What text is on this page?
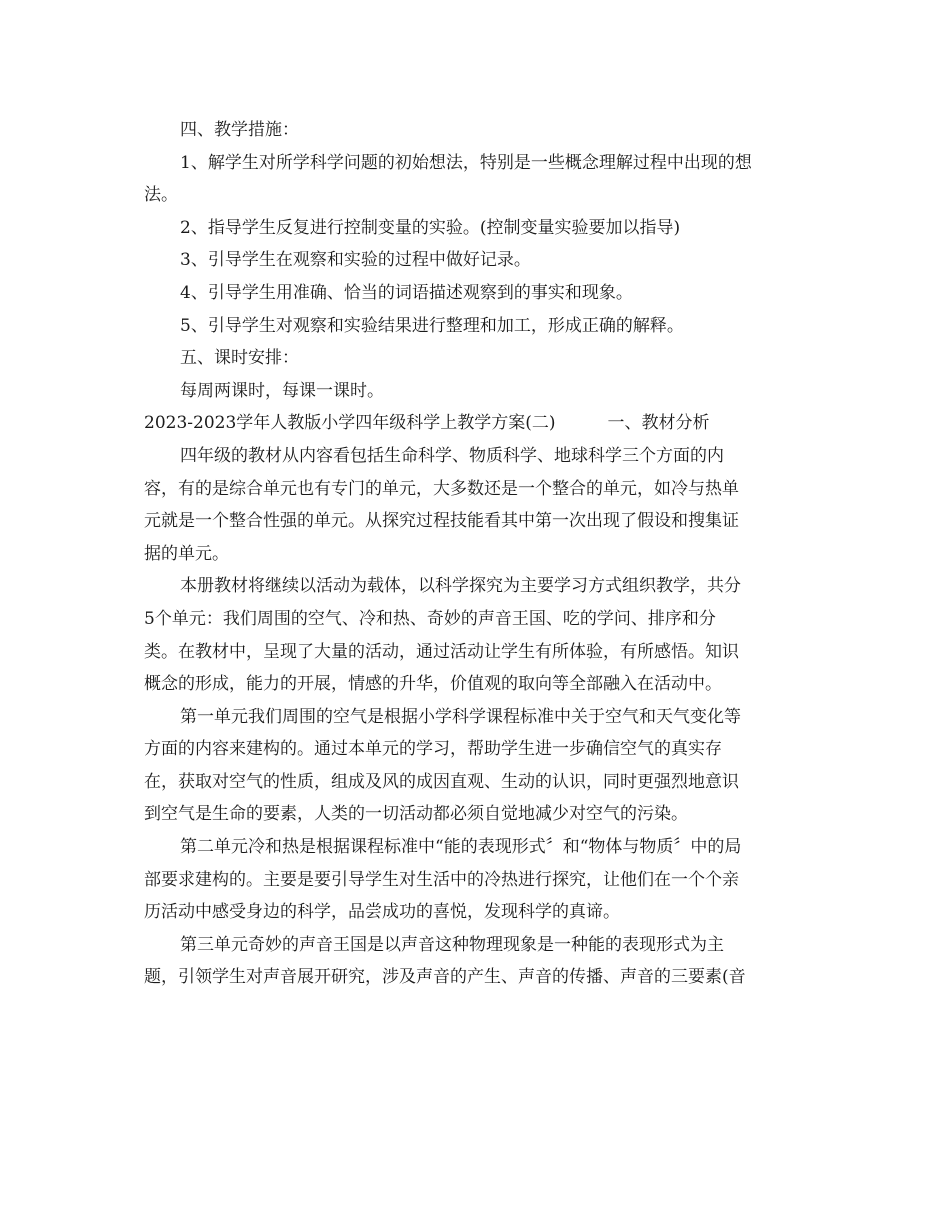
四、教学措施：

1、解学生对所学科学问题的初始想法，特别是一些概念理解过程中出现的想

法。

2、指导学生反复进行控制变量的实验。(控制变量实验要加以指导)

3、引导学生在观察和实验的过程中做好记录。

4、引导学生用准确、恰当的词语描述观察到的事实和现象。

5、引导学生对观察和实验结果进行整理和加工，形成正确的解释。

五、课时安排：

每周两课时，每课一课时。

2023-2023学年人教版小学四年级科学上教学方案(二)	一、教材分析

四年级的教材从内容看包括生命科学、物质科学、地球科学三个方面的内

容，有的是综合单元也有专门的单元，大多数还是一个整合的单元，如冷与热单

元就是一个整合性强的单元。从探究过程技能看其中第一次出现了假设和搜集证

据的单元。

本册教材将继续以活动为载体，以科学探究为主要学习方式组织教学，共分

5个单元：我们周围的空气、冷和热、奇妙的声音王国、吃的学问、排序和分

类。在教材中，呈现了大量的活动，通过活动让学生有所体验，有所感悟。知识

概念的形成，能力的开展，情感的升华，价值观的取向等全部融入在活动中。

第一单元我们周围的空气是根据小学科学课程标准中关于空气和天气变化等

方面的内容来建构的。通过本单元的学习，帮助学生进一步确信空气的真实存

在，获取对空气的性质，组成及风的成因直观、生动的认识，同时更强烈地意识

到空气是生命的要素，人类的一切活动都必须自觉地减少对空气的污染。

第二单元冷和热是根据课程标准中“能的表现形式〞和“物体与物质〞中的局

部要求建构的。主要是要引导学生对生活中的冷热进行探究，让他们在一个个亲

历活动中感受身边的科学，品尝成功的喜悦，发现科学的真谛。

第三单元奇妙的声音王国是以声音这种物理现象是一种能的表现形式为主

题，引领学生对声音展开研究，涉及声音的产生、声音的传播、声音的三要素(音
